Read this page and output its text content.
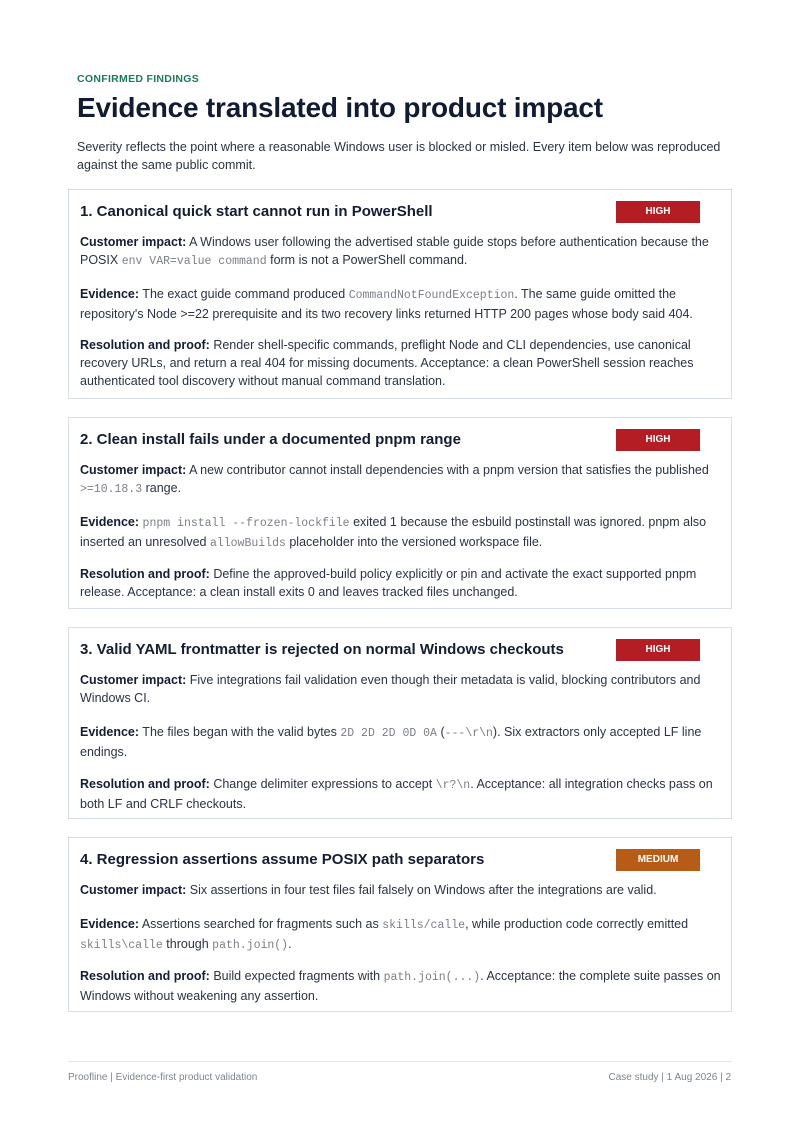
CONFIRMED FINDINGS
Evidence translated into product impact

Severity reflects the point where a reasonable Windows user is blocked or misled. Every item below was reproduced against the same public commit.

1. Canonical quick start cannot run in PowerShell	HIGH

Customer impact: A Windows user following the advertised stable guide stops before authentication because the POSIX env VAR=value command form is not a PowerShell command.

Evidence: The exact guide command produced CommandNotFoundException. The same guide omitted the repository's Node >=22 prerequisite and its two recovery links returned HTTP 200 pages whose body said 404.

Resolution and proof: Render shell-specific commands, preflight Node and CLI dependencies, use canonical recovery URLs, and return a real 404 for missing documents. Acceptance: a clean PowerShell session reaches authenticated tool discovery without manual command translation.

2. Clean install fails under a documented pnpm range	HIGH

Customer impact: A new contributor cannot install dependencies with a pnpm version that satisfies the published >=10.18.3 range.

Evidence: pnpm install --frozen-lockfile exited 1 because the esbuild postinstall was ignored. pnpm also inserted an unresolved allowBuilds placeholder into the versioned workspace file.

Resolution and proof: Define the approved-build policy explicitly or pin and activate the exact supported pnpm release. Acceptance: a clean install exits 0 and leaves tracked files unchanged.

3. Valid YAML frontmatter is rejected on normal Windows checkouts	HIGH

Customer impact: Five integrations fail validation even though their metadata is valid, blocking contributors and Windows CI.

Evidence: The files began with the valid bytes 2D 2D 2D 0D 0A (---\r\n). Six extractors only accepted LF line endings.

Resolution and proof: Change delimiter expressions to accept \r?\n. Acceptance: all integration checks pass on both LF and CRLF checkouts.

4. Regression assertions assume POSIX path separators	MEDIUM

Customer impact: Six assertions in four test files fail falsely on Windows after the integrations are valid.

Evidence: Assertions searched for fragments such as skills/calle, while production code correctly emitted skills\calle through path.join().

Resolution and proof: Build expected fragments with path.join(...). Acceptance: the complete suite passes on Windows without weakening any assertion.

Proofline | Evidence-first product validation	Case study | 1 Aug 2026 | 2
